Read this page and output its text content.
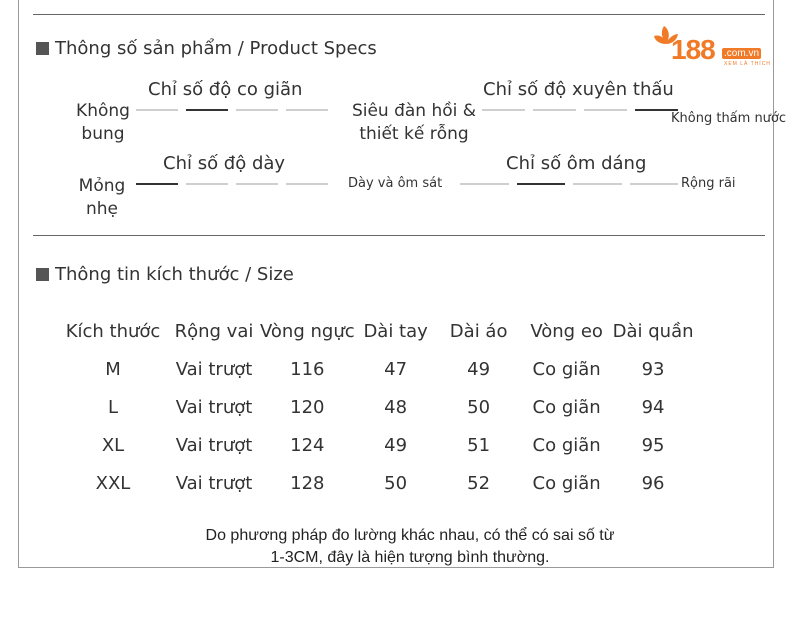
188 .com.vn
XEM LÀ THÍCH
Thông số sản phẩm / Product Specs
Chỉ số độ co giãn
Không
bung
Chỉ số độ xuyên thấu
Siêu đàn hồi &
thiết kế rỗng
Không thấm nước
Chỉ số độ dày
Mỏng
nhẹ
Chỉ số ôm dáng
Dày và ôm sát	Rộng rãi
Thông tin kích thước / Size
Kích thước	Rộng vai	Vòng ngực	Dài tay	Dài áo	Vòng eo	Dài quần
M	Vai trượt	116	47	49	Co giãn	93
L	Vai trượt	120	48	50	Co giãn	94
XL	Vai trượt	124	49	51	Co giãn	95
XXL	Vai trượt	128	50	52	Co giãn	96
Do phương pháp đo lường khác nhau, có thể có sai số từ
1-3CM, đây là hiện tượng bình thường.
